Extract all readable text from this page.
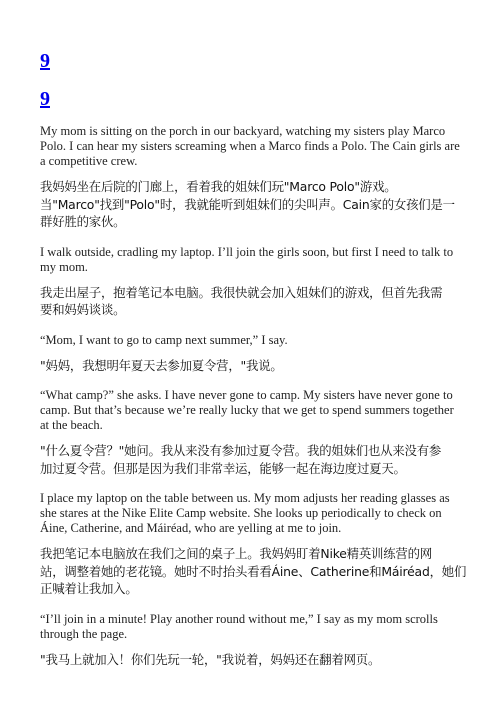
9
9

My mom is sitting on the porch in our backyard, watching my sisters play Marco Polo. I can hear my sisters screaming when a Marco finds a Polo. The Cain girls are a competitive crew.

我妈妈坐在后院的门廊上，看着我的姐妹们玩"Marco Polo"游戏。
当"Marco"找到"Polo"时，我就能听到姐妹们的尖叫声。Cain家的女孩们是一
群好胜的家伙。

I walk outside, cradling my laptop. I’ll join the girls soon, but first I need to talk to my mom.

我走出屋子，抱着笔记本电脑。我很快就会加入姐妹们的游戏，但首先我需
要和妈妈谈谈。

“Mom, I want to go to camp next summer,” I say.

"妈妈，我想明年夏天去参加夏令营，"我说。

“What camp?” she asks. I have never gone to camp. My sisters have never gone to camp. But that’s because we’re really lucky that we get to spend summers together at the beach.

"什么夏令营？"她问。我从来没有参加过夏令营。我的姐妹们也从来没有参
加过夏令营。但那是因为我们非常幸运，能够一起在海边度过夏天。

I place my laptop on the table between us. My mom adjusts her reading glasses as she stares at the Nike Elite Camp website. She looks up periodically to check on Áine, Catherine, and Máiréad, who are yelling at me to join.

我把笔记本电脑放在我们之间的桌子上。我妈妈盯着Nike精英训练营的网
站，调整着她的老花镜。她时不时抬头看看Áine、Catherine和Máiréad，她们
正喊着让我加入。

“I’ll join in a minute! Play another round without me,” I say as my mom scrolls through the page.

"我马上就加入！你们先玩一轮，"我说着，妈妈还在翻着网页。
